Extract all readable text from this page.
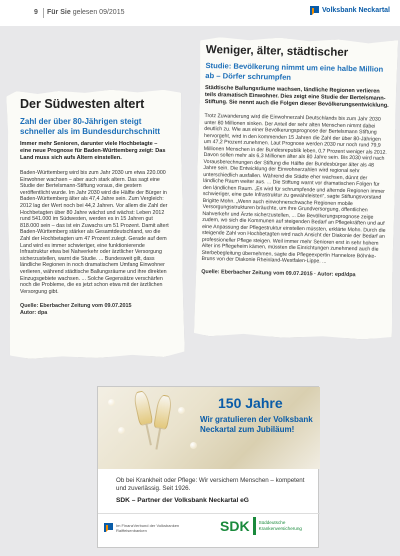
9 Für Sie gelesen 09/2015	Volksbank Neckartal
Der Südwesten altert
Zahl der über 80-Jährigen steigt schneller als im Bundesdurchschnitt
Immer mehr Senioren, darunter viele Hochbetagte – eine neue Prognose für Baden-Württemberg zeigt: Das Land muss sich aufs Altern einstellen.
Baden-Württemberg wird bis zum Jahr 2030 um etwa 220.000 Einwohner wachsen – aber auch stark altern. Das sagt eine Studie der Bertelsmann-Stiftung voraus, die gestern veröffentlicht wurde. Im Jahr 2030 wird die Hälfte der Bürger in Baden-Württemberg älter als 47,4 Jahre sein. Zum Vergleich: 2012 lag der Wert noch bei 44,2 Jahren. Vor allem die Zahl der Hochbetagten über 80 Jahre wächst und wächst: Leben 2012 rund 541.000 im Südwesten, werden es in 15 Jahren gut 818.000 sein – das ist ein Zuwachs um 51 Prozent. Damit altert Baden-Württemberg stärker als Gesamtdeutschland, wo die Zahl der Hochbetagten um 47 Prozent zulegt. Gerade auf dem Land wird es immer schwieriger, eine funktionierende Infrastruktur etwa bei Nahverkehr oder ärztlicher Versorgung sicherzustellen, warnt die Studie. ... Bundesweit gilt, dass ländliche Regionen in noch dramatischem Umfang Einwohner verlieren, während städtische Ballungsräume und ihre direkten Einzugsgebiete wachsen. ... Solche Gegensätze verschärfen noch die Probleme, die es jetzt schon etwa mit der ärztlichen Versorgung gibt.
Quelle: Eberbacher Zeitung vom 09.07.2015
Autor: dpa
Weniger, älter, städtischer
Studie: Bevölkerung nimmt um eine halbe Million ab – Dörfer schrumpfen
Städtische Ballungsräume wachsen, ländliche Regionen verlieren teils dramatisch Einwohner. Dies zeigt eine Studie der Bertelsmann-Stiftung. Sie nennt auch die Folgen dieser Bevölkerungsentwicklung.
Trotz Zuwanderung wird die Einwohnerzahl Deutschlands bis zum Jahr 2030 unter 80 Millionen sinken. Der Anteil der sehr alten Menschen nimmt dabei deutlich zu. Wie aus einer Bevölkerungsprognose der Bertelsmann Stiftung hervorgeht, wird in den kommenden 15 Jahren die Zahl der über 80-Jährigen um 47,2 Prozent zunehmen. Laut Prognose werden 2030 nur noch rund 79,9 Millionen Menschen in der Bundesrepublik leben, 0,7 Prozent weniger als 2012. Davon sollen mehr als 6,3 Millionen älter als 80 Jahre sein. Bis 2030 wird nach Vorausberechnungen der Stiftung die Hälfte der Bundesbürger älter als 48 Jahre sein. Die Entwicklung der Einwohnerzahlen wird regional sehr unterschiedlich ausfallen. Während die Städte eher wachsen, dünnt der ländliche Raum weiter aus. ... Die Stiftung warnt vor dramatischen Folgen für den ländlichen Raum. „Es wird für schrumpfende und alternde Regionen immer schwieriger, eine gute Infrastruktur zu gewährleisten“, sagte Stiftungsvorstand Brigitte Mohn. „Wenn auch einwohnerschwache Regionen mobile Versorgungsstrukturen bräuchte, um ihre Grundversorgung, öffentlichen Nahverkehr und Ärzte sicherzustellen, ... Die Bevölkerungsprognose zeige zudem, wo sich die Kommunen auf steigenden Bedarf an Pflegekräften und auf eine Anpassung der Pflegestruktur einstellen müssten, erklärte Mohn. Durch die steigende Zahl von Hochbetagten wird nach Ansicht der Diakonie der Bedarf an professioneller Pflege steigen. Weil immer mehr Senioren erst in sehr hohem Alter ins Pflegeheim kämen, müssten die Einrichtungen zunehmend auch die Sterbebegleitung übernehmen, sagte die Pflegeexpertin Hannelore Böhnke-Bruns von der Diakonie Rheinland-Westfalen-Lippe. ...
Quelle: Eberbacher Zeitung vom 09.07.2015 · Autor: epd/dpa
150 Jahre
Wir gratulieren der Volksbank Neckartal zum Jubiläum!
Ob bei Krankheit oder Pflege: Wir versichern Menschen – kompetent und zuverlässig. Seit 1926.
SDK – Partner der Volksbank Neckartal eG
Im FinanzVerbund der Volksbanken Raiffeisenbanken	SDK Süddeutsche Krankenversicherung
